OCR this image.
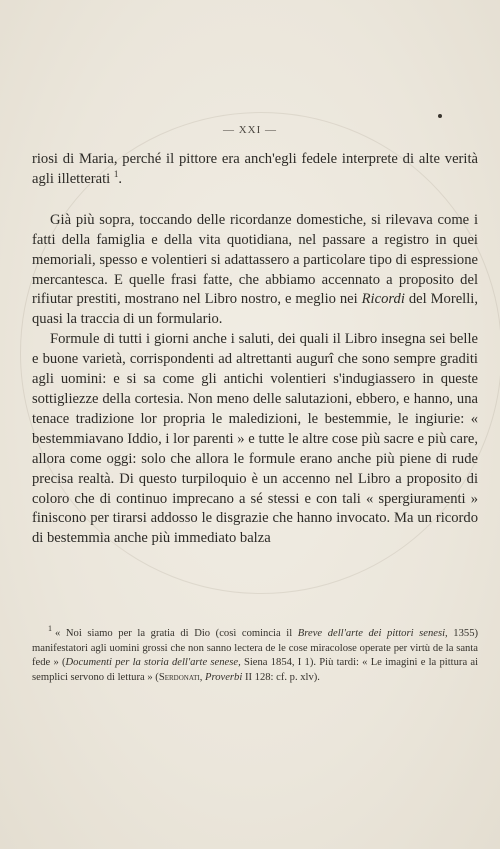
— XXI —

riosi di Maria, perché il pittore era anch'egli fedele interprete di alte verità agli illetterati $^1$.

Già più sopra, toccando delle ricordanze domestiche, si rilevava come i fatti della famiglia e della vita quotidiana, nel passare a registro in quei memoriali, spesso e volentieri si adattassero a particolare tipo di espressione mercantesca. E quelle frasi fatte, che abbiamo accennato a proposito del rifiutar prestiti, mostrano nel Libro nostro, e meglio nei Ricordi del Morelli, quasi la traccia di un formulario.

Formule di tutti i giorni anche i saluti, dei quali il Libro insegna sei belle e buone varietà, corrispondenti ad altrettanti augurî che sono sempre graditi agli uomini: e si sa come gli antichi volentieri s'indugiassero in queste sottigliezze della cortesia. Non meno delle salutazioni, ebbero, e hanno, una tenace tradizione lor propria le maledizioni, le bestemmie, le ingiurie: « bestemmiavano Iddio, i lor parenti » e tutte le altre cose più sacre e più care, allora come oggi: solo che allora le formule erano anche più piene di rude precisa realtà. Di questo turpiloquio è un accenno nel Libro a proposito di coloro che di continuo imprecano a sé stessi e con tali « spergiuramenti » finiscono per tirarsi addosso le disgrazie che hanno invocato. Ma un ricordo di bestemmia anche più immediato balza

$^1$ « Noi siamo per la gratia di Dio (così comincia il Breve dell'arte dei pittori senesi, 1355) manifestatori agli uomini grossi che non sanno lectera de le cose miracolose operate per virtù de la santa fede » (Documenti per la storia dell'arte senese, Siena 1854, I 1). Più tardi: « Le imagini e la pittura ai semplici servono di lettura » (Serdonati, Proverbi II 128: cf. p. xlv).
